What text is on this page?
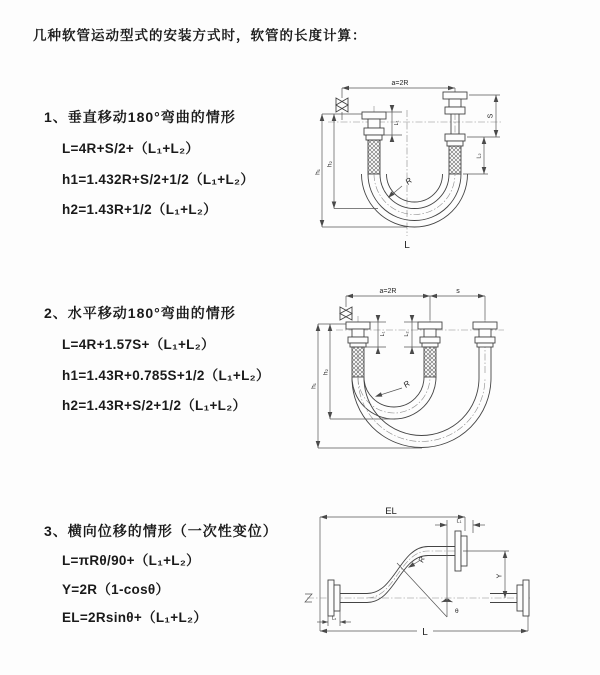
几种软管运动型式的安装方式时，软管的长度计算：
1、垂直移动180°弯曲的情形
L=4R+S/2+（L₁+L₂）
h1=1.432R+S/2+1/2（L₁+L₂）
h2=1.43R+1/2（L₁+L₂）
a=2R
h₁
h₂
L₁
S
L₂
R
L
2、水平移动180°弯曲的情形
L=4R+1.57S+（L₁+L₂）
h1=1.43R+0.785S+1/2（L₁+L₂）
h2=1.43R+S/2+1/2（L₁+L₂）
a=2R	s
h₁
h₂
L₁	L₂
R
3、横向位移的情形（一次性变位）
L=πRθ/90+（L₁+L₂）
Y=2R（1-cosθ）
EL=2Rsinθ+（L₁+L₂）
EL
L₁
θ
R
Y
L₂
L
